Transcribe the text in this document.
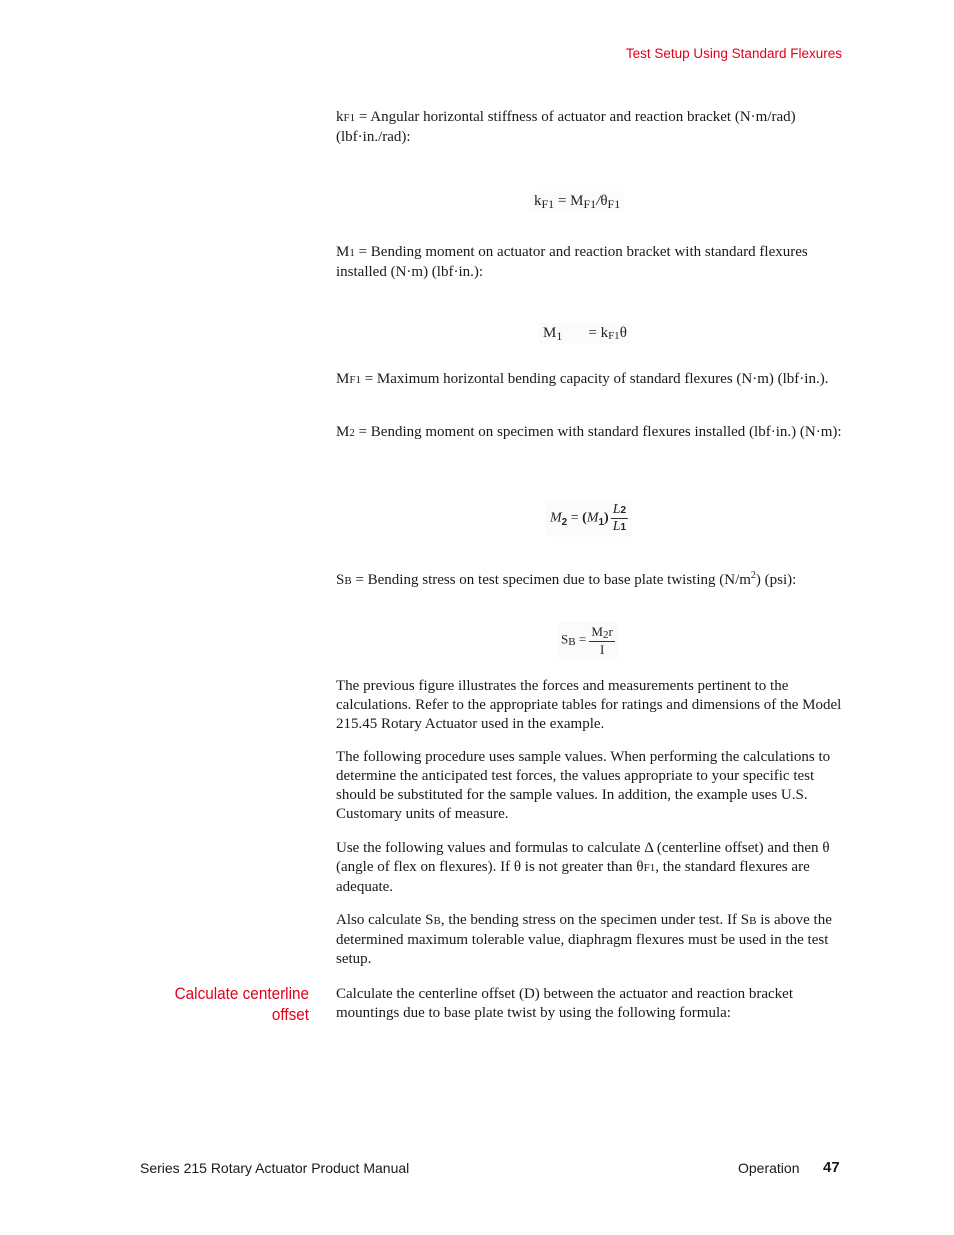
Test Setup Using Standard Flexures

kF1 = Angular horizontal stiffness of actuator and reaction bracket (N·m/rad) (lbf·in./rad):

$k_{F1} = M_{F1}/\theta_{F1}$

M1 = Bending moment on actuator and reaction bracket with standard flexures installed (N·m) (lbf·in.):

$M_1 = kF1\theta$

MF1 = Maximum horizontal bending capacity of standard flexures (N·m) (lbf·in.).

M2 = Bending moment on specimen with standard flexures installed (lbf·in.) (N·m):

$M_2 = (M_1) \frac{L2}{L1}$

SB = Bending stress on test specimen due to base plate twisting $(N/m^2)$ (psi):

SB = $\frac{M2r}{I}$

The previous figure illustrates the forces and measurements pertinent to the calculations. Refer to the appropriate tables for ratings and dimensions of the Model 215.45 Rotary Actuator used in the example.

The following procedure uses sample values. When performing the calculations to determine the anticipated test forces, the values appropriate to your specific test should be substituted for the sample values. In addition, the example uses U.S. Customary units of measure.

Use the following values and formulas to calculate Δ (centerline offset) and then θ (angle of flex on flexures). If θ is not greater than θF1, the standard flexures are adequate.

Also calculate SB, the bending stress on the specimen under test. If SB is above the determined maximum tolerable value, diaphragm flexures must be used in the test setup.

Calculate centerline offset

Calculate the centerline offset (D) between the actuator and reaction bracket mountings due to base plate twist by using the following formula:

Series 215 Rotary Actuator Product Manual	Operation 47
